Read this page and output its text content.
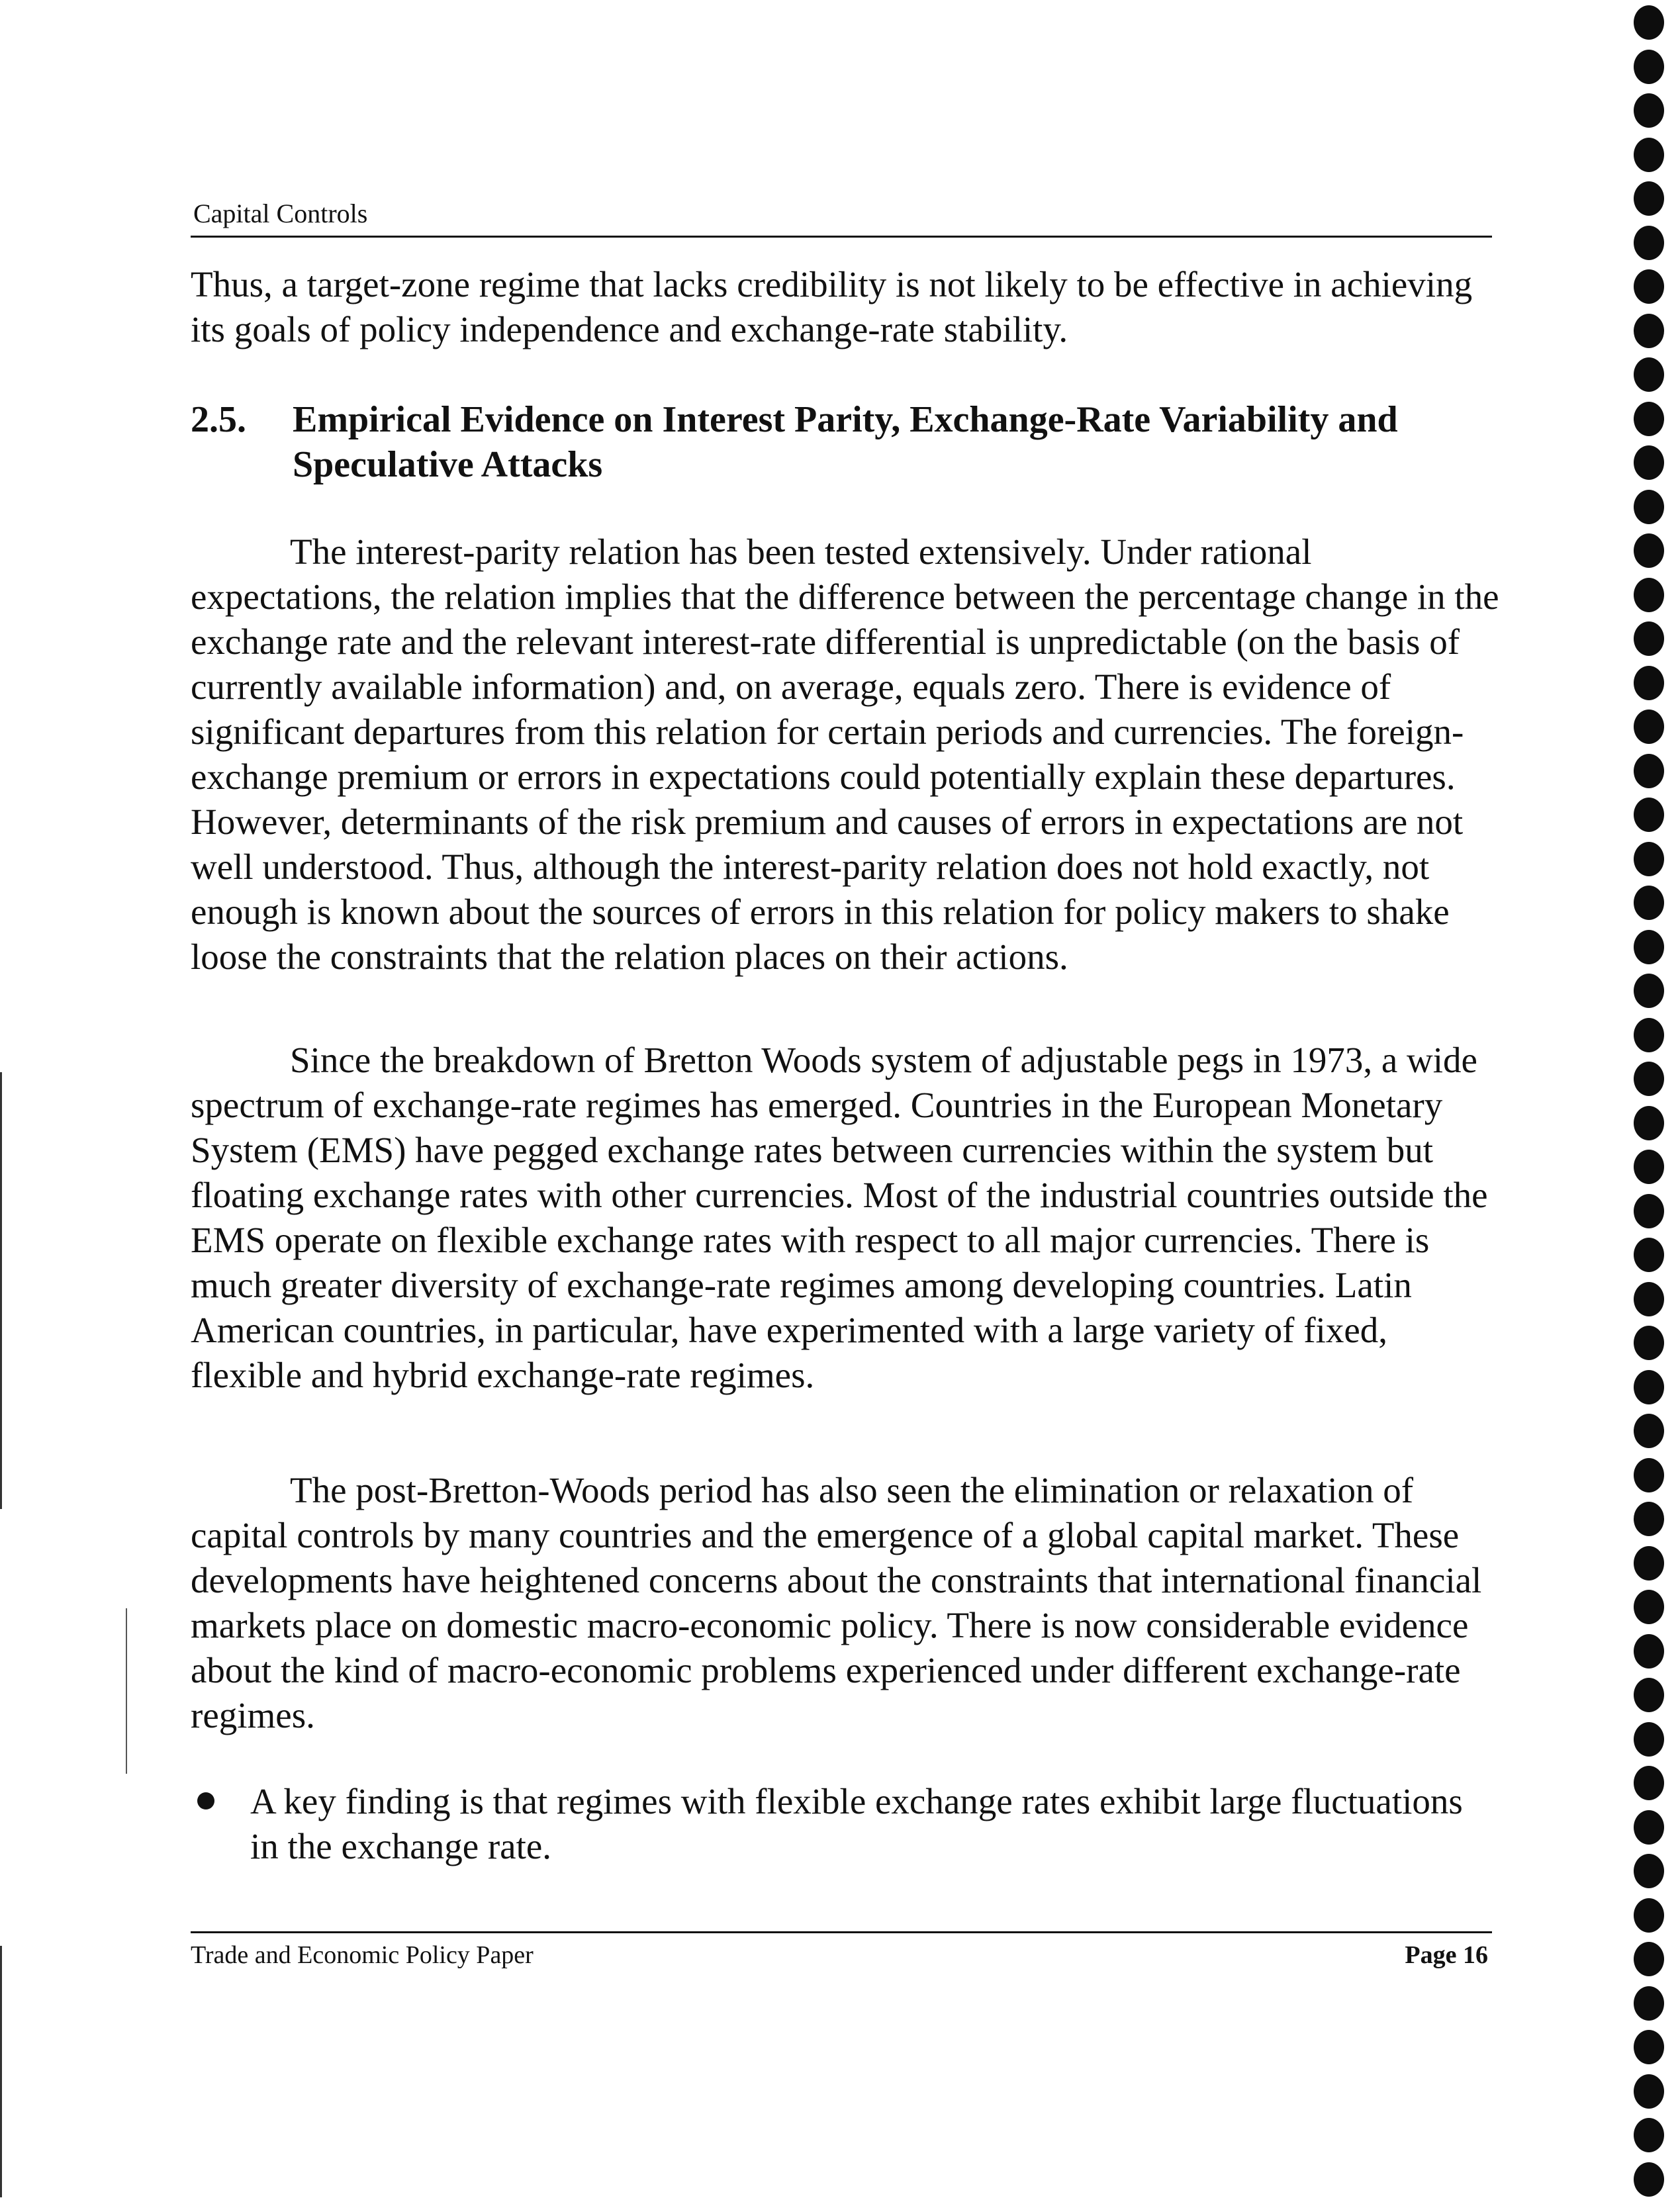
Capital Controls

Thus, a target-zone regime that lacks credibility is not likely to be effective in achieving its goals of policy independence and exchange-rate stability.

2.5. Empirical Evidence on Interest Parity, Exchange-Rate Variability and Speculative Attacks

The interest-parity relation has been tested extensively. Under rational expectations, the relation implies that the difference between the percentage change in the exchange rate and the relevant interest-rate differential is unpredictable (on the basis of currently available information) and, on average, equals zero. There is evidence of significant departures from this relation for certain periods and currencies. The foreign-exchange premium or errors in expectations could potentially explain these departures. However, determinants of the risk premium and causes of errors in expectations are not well understood. Thus, although the interest-parity relation does not hold exactly, not enough is known about the sources of errors in this relation for policy makers to shake loose the constraints that the relation places on their actions.

Since the breakdown of Bretton Woods system of adjustable pegs in 1973, a wide spectrum of exchange-rate regimes has emerged. Countries in the European Monetary System (EMS) have pegged exchange rates between currencies within the system but floating exchange rates with other currencies. Most of the industrial countries outside the EMS operate on flexible exchange rates with respect to all major currencies. There is much greater diversity of exchange-rate regimes among developing countries. Latin American countries, in particular, have experimented with a large variety of fixed, flexible and hybrid exchange-rate regimes.

The post-Bretton-Woods period has also seen the elimination or relaxation of capital controls by many countries and the emergence of a global capital market. These developments have heightened concerns about the constraints that international financial markets place on domestic macro-economic policy. There is now considerable evidence about the kind of macro-economic problems experienced under different exchange-rate regimes.

A key finding is that regimes with flexible exchange rates exhibit large fluctuations in the exchange rate.
Trade and Economic Policy Paper	Page 16
